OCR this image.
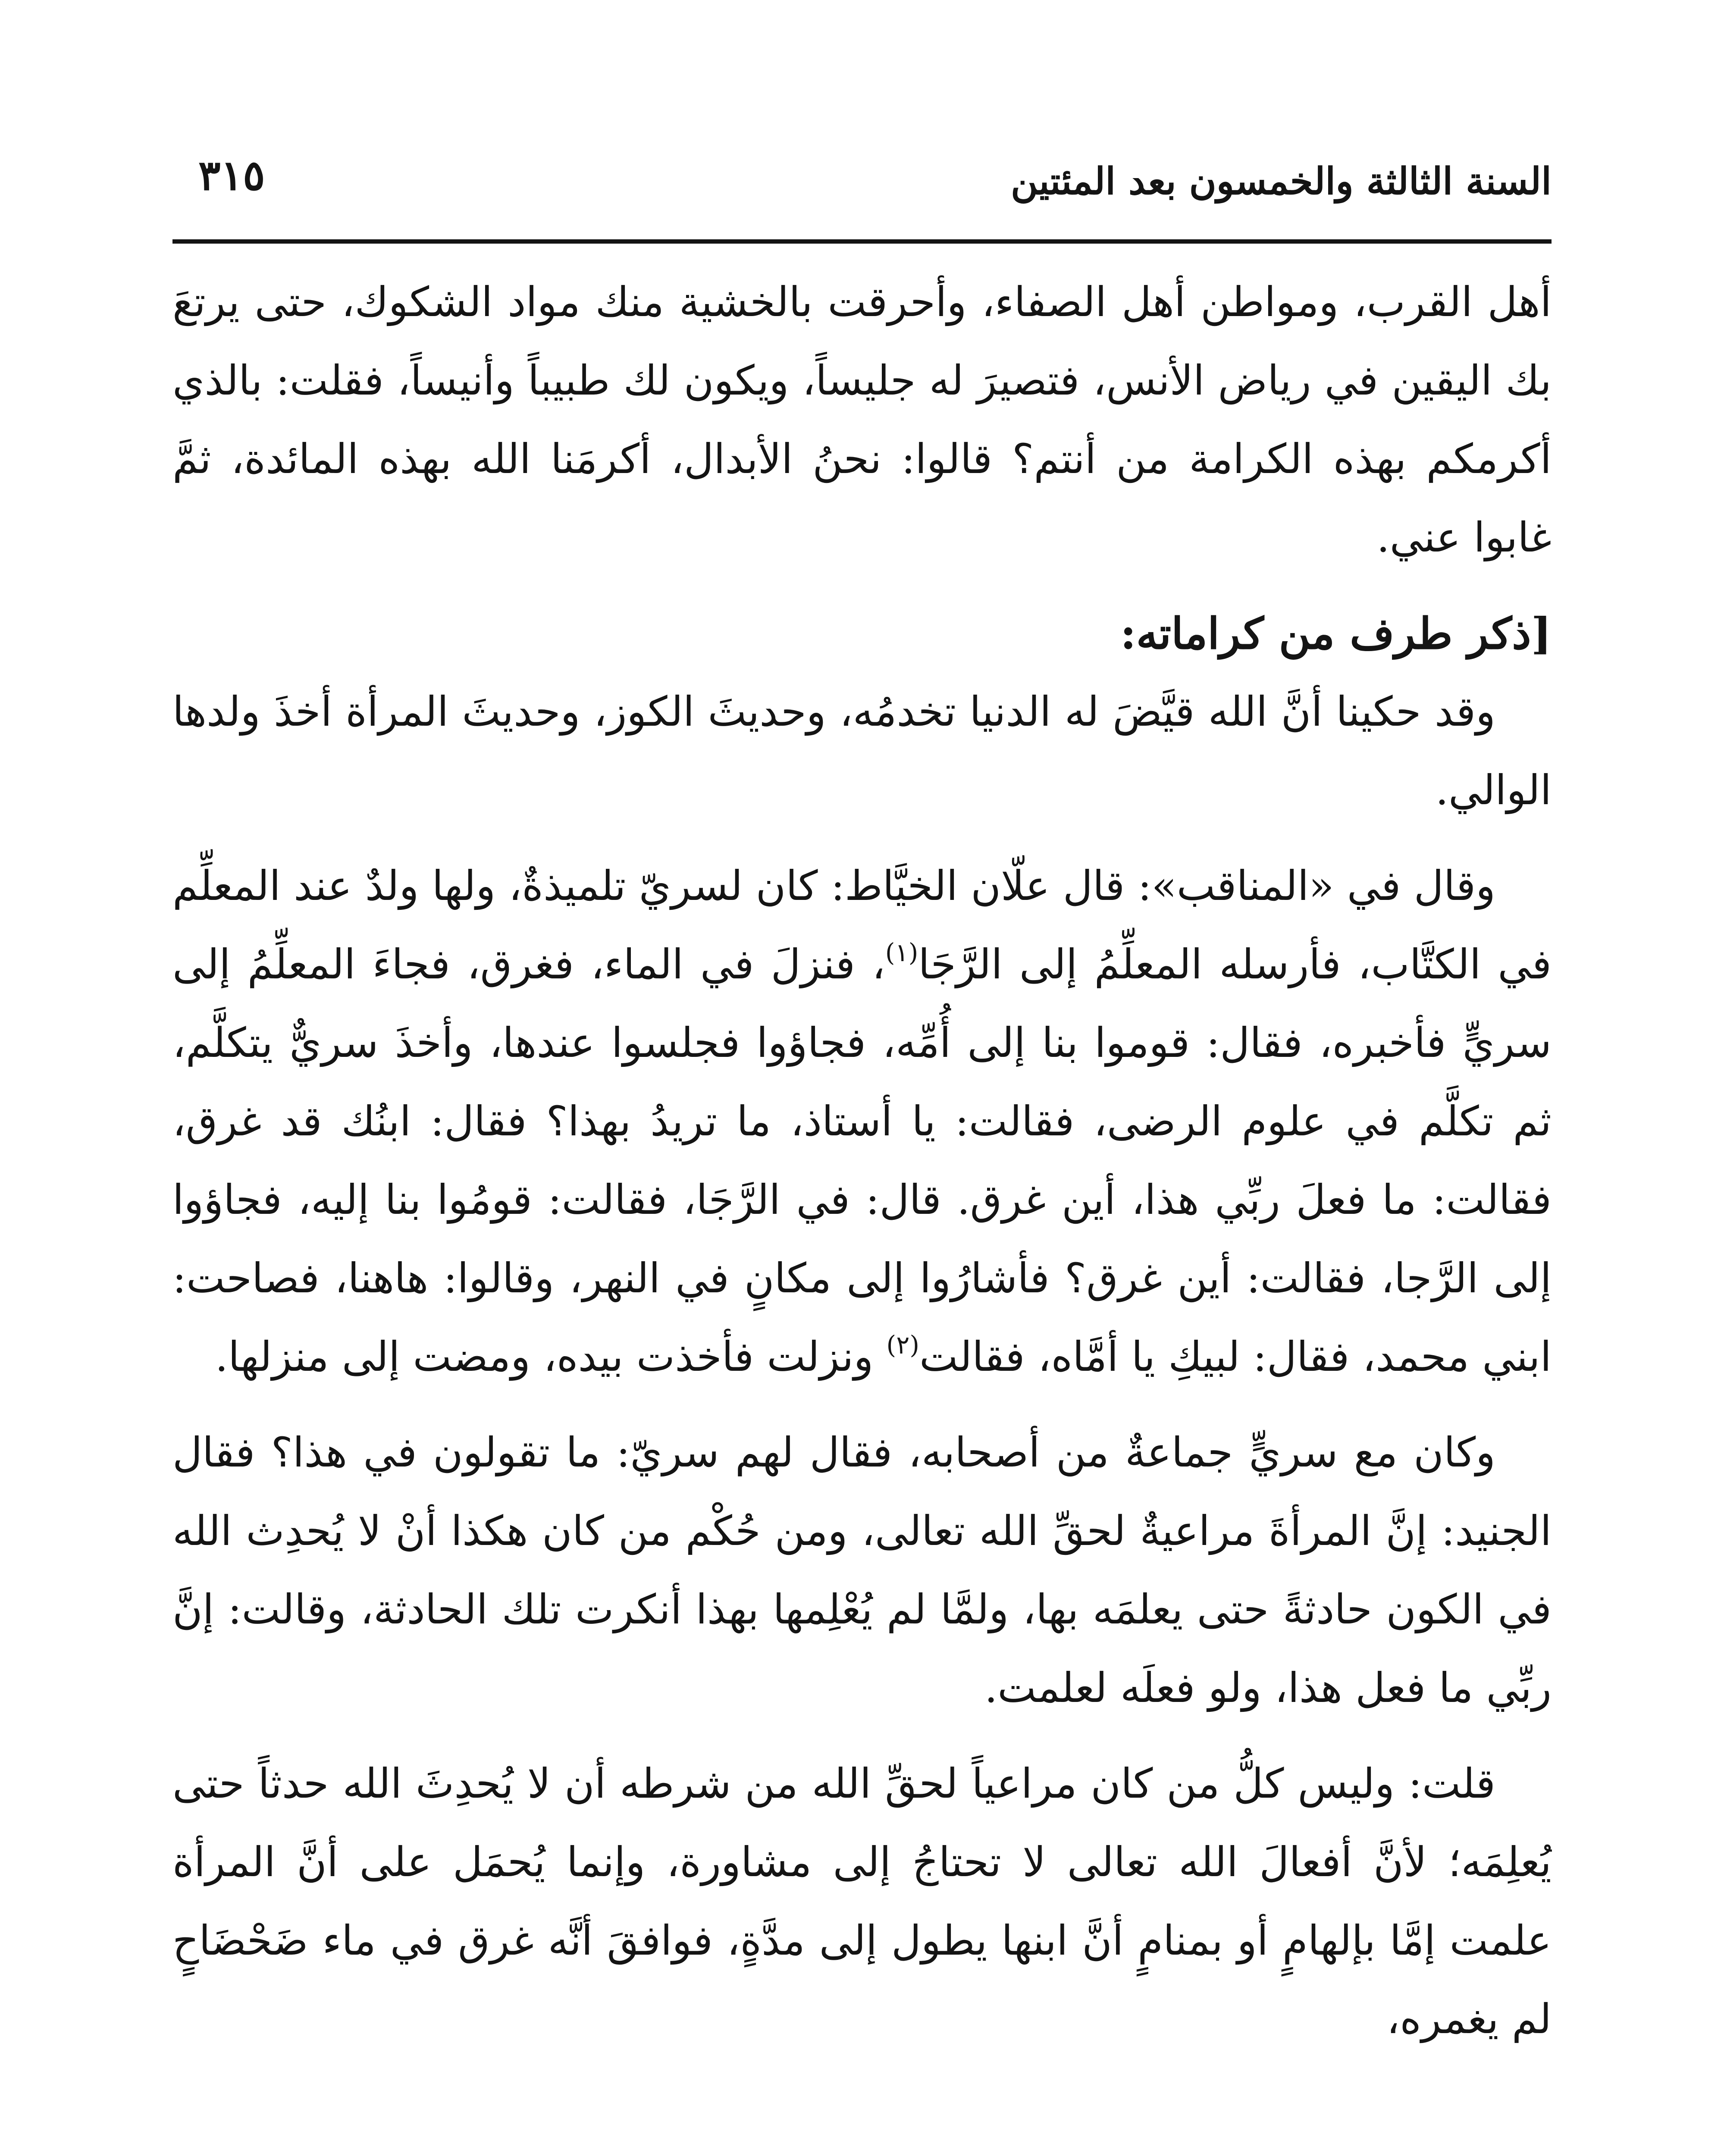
السنة الثالثة والخمسون بعد المئتين
٣١٥

أهل القرب، ومواطن أهل الصفاء، وأحرقت بالخشية منك مواد الشكوك، حتى يرتعَ بك اليقين في رياض الأنس، فتصيرَ له جليساً، ويكون لك طبيباً وأنيساً، فقلت: بالذي أكرمكم بهذه الكرامة من أنتم؟ قالوا: نحنُ الأبدال، أكرمَنا الله بهذه المائدة، ثمَّ غابوا عني.

[ذكر طرف من كراماته:

وقد حكينا أنَّ الله قيَّضَ له الدنيا تخدمُه، وحديثَ الكوز، وحديثَ المرأة أخذَ ولدها الوالي.

وقال في «المناقب»: قال علّان الخيَّاط: كان لسريّ تلميذةٌ، ولها ولدٌ عند المعلِّم في الكتَّاب، فأرسله المعلِّمُ إلى الرَّجَا$^{(١)}$، فنزلَ في الماء، فغرق، فجاءَ المعلِّمُ إلى سريٍّ فأخبره، فقال: قوموا بنا إلى أُمِّه، فجاؤوا فجلسوا عندها، وأخذَ سريٌّ يتكلَّم، ثم تكلَّم في علوم الرضى، فقالت: يا أستاذ، ما تريدُ بهذا؟ فقال: ابنُك قد غرق، فقالت: ما فعلَ ربِّي هذا، أين غرق. قال: في الرَّجَا، فقالت: قومُوا بنا إليه، فجاؤوا إلى الرَّجا، فقالت: أين غرق؟ فأشارُوا إلى مكانٍ في النهر، وقالوا: هاهنا، فصاحت: ابني محمد، فقال: لبيكِ يا أمَّاه، فقالت$^{(٢)}$ ونزلت فأخذت بيده، ومضت إلى منزلها.

وكان مع سريٍّ جماعةٌ من أصحابه، فقال لهم سريّ: ما تقولون في هذا؟ فقال الجنيد: إنَّ المرأةَ مراعيةٌ لحقِّ الله تعالى، ومن حُكْم من كان هكذا أنْ لا يُحدِث الله في الكون حادثةً حتى يعلمَه بها، ولمَّا لم يُعْلِمها بهذا أنكرت تلك الحادثة، وقالت: إنَّ ربِّي ما فعل هذا، ولو فعلَه لعلمت.

قلت: وليس كلُّ من كان مراعياً لحقِّ الله من شرطه أن لا يُحدِثَ الله حدثاً حتى يُعلِمَه؛ لأنَّ أفعالَ الله تعالى لا تحتاجُ إلى مشاورة، وإنما يُحمَل على أنَّ المرأة علمت إمَّا بإلهامٍ أو بمنامٍ أنَّ ابنها يطول إلى مدَّةٍ، فوافقَ أنَّه غرق في ماء ضَحْضَاحٍ لم يغمره،
